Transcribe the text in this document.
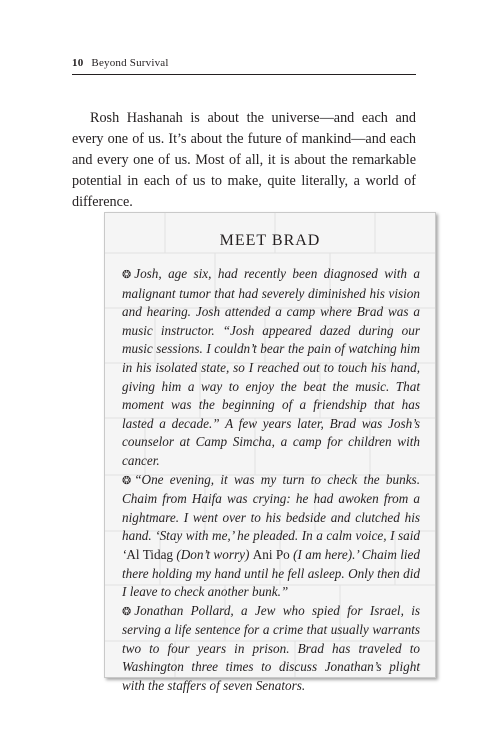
10 Beyond Survival

Rosh Hashanah is about the universe—and each and every one of us. It’s about the future of mankind—and each and every one of us. Most of all, it is about the remarkable potential in each of us to make, quite literally, a world of difference.

MEET BRAD

❂ Josh, age six, had recently been diagnosed with a malignant tumor that had severely diminished his vision and hearing. Josh attended a camp where Brad was a music instructor. “Josh appeared dazed during our music sessions. I couldn’t bear the pain of watching him in his isolated state, so I reached out to touch his hand, giving him a way to enjoy the beat the music. That moment was the beginning of a friendship that has lasted a decade.” A few years later, Brad was Josh’s counselor at Camp Simcha, a camp for children with cancer.

❂ “One evening, it was my turn to check the bunks. Chaim from Haifa was crying: he had awoken from a nightmare. I went over to his bedside and clutched his hand. ‘Stay with me,’ he pleaded. In a calm voice, I said ‘Al Tidag (Don’t worry) Ani Po (I am here).’ Chaim lied there holding my hand until he fell asleep. Only then did I leave to check another bunk.”

❂ Jonathan Pollard, a Jew who spied for Israel, is serving a life sentence for a crime that usually warrants two to four years in prison. Brad has traveled to Washington three times to discuss Jonathan’s plight with the staffers of seven Senators.
